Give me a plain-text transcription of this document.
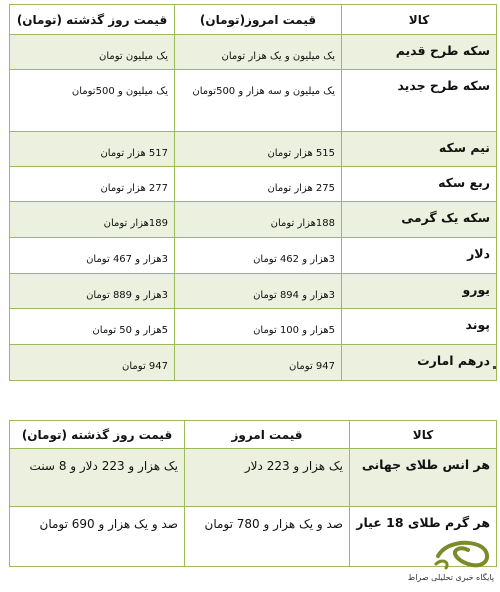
کالا	قیمت امروز(تومان)	قیمت روز گذشته (تومان)
سکه طرح قدیم	یک میلیون و یک هزار تومان	یک میلیون تومان
سکه طرح جدید	یک میلیون و سه هزار و 500تومان	یک میلیون و 500تومان
نیم سکه	515 هزار تومان	517 هزار تومان
ربع سکه	275 هزار تومان	277 هزار تومان
سکه یک گرمی	188هزار تومان	189هزار تومان
دلار	3هزار و 462 تومان	3هزار و 467 تومان
یورو	3هزار و 894 تومان	3هزار و 889 تومان
پوند	5هزار و 100 تومان	5هزار و 50 تومان
درهم امارت	947 تومان	947 تومان
کالا	قیمت امروز	قیمت روز گذشته (تومان)
هر انس طلای جهانی	یک هزار و 223 دلار	یک هزار و 223 دلار و 8 سنت
هر گرم طلای 18 عیار	صد و یک هزار و 780 تومان	صد و یک هزار و 690 تومان
پایگاه خبری تحلیلی صراط
